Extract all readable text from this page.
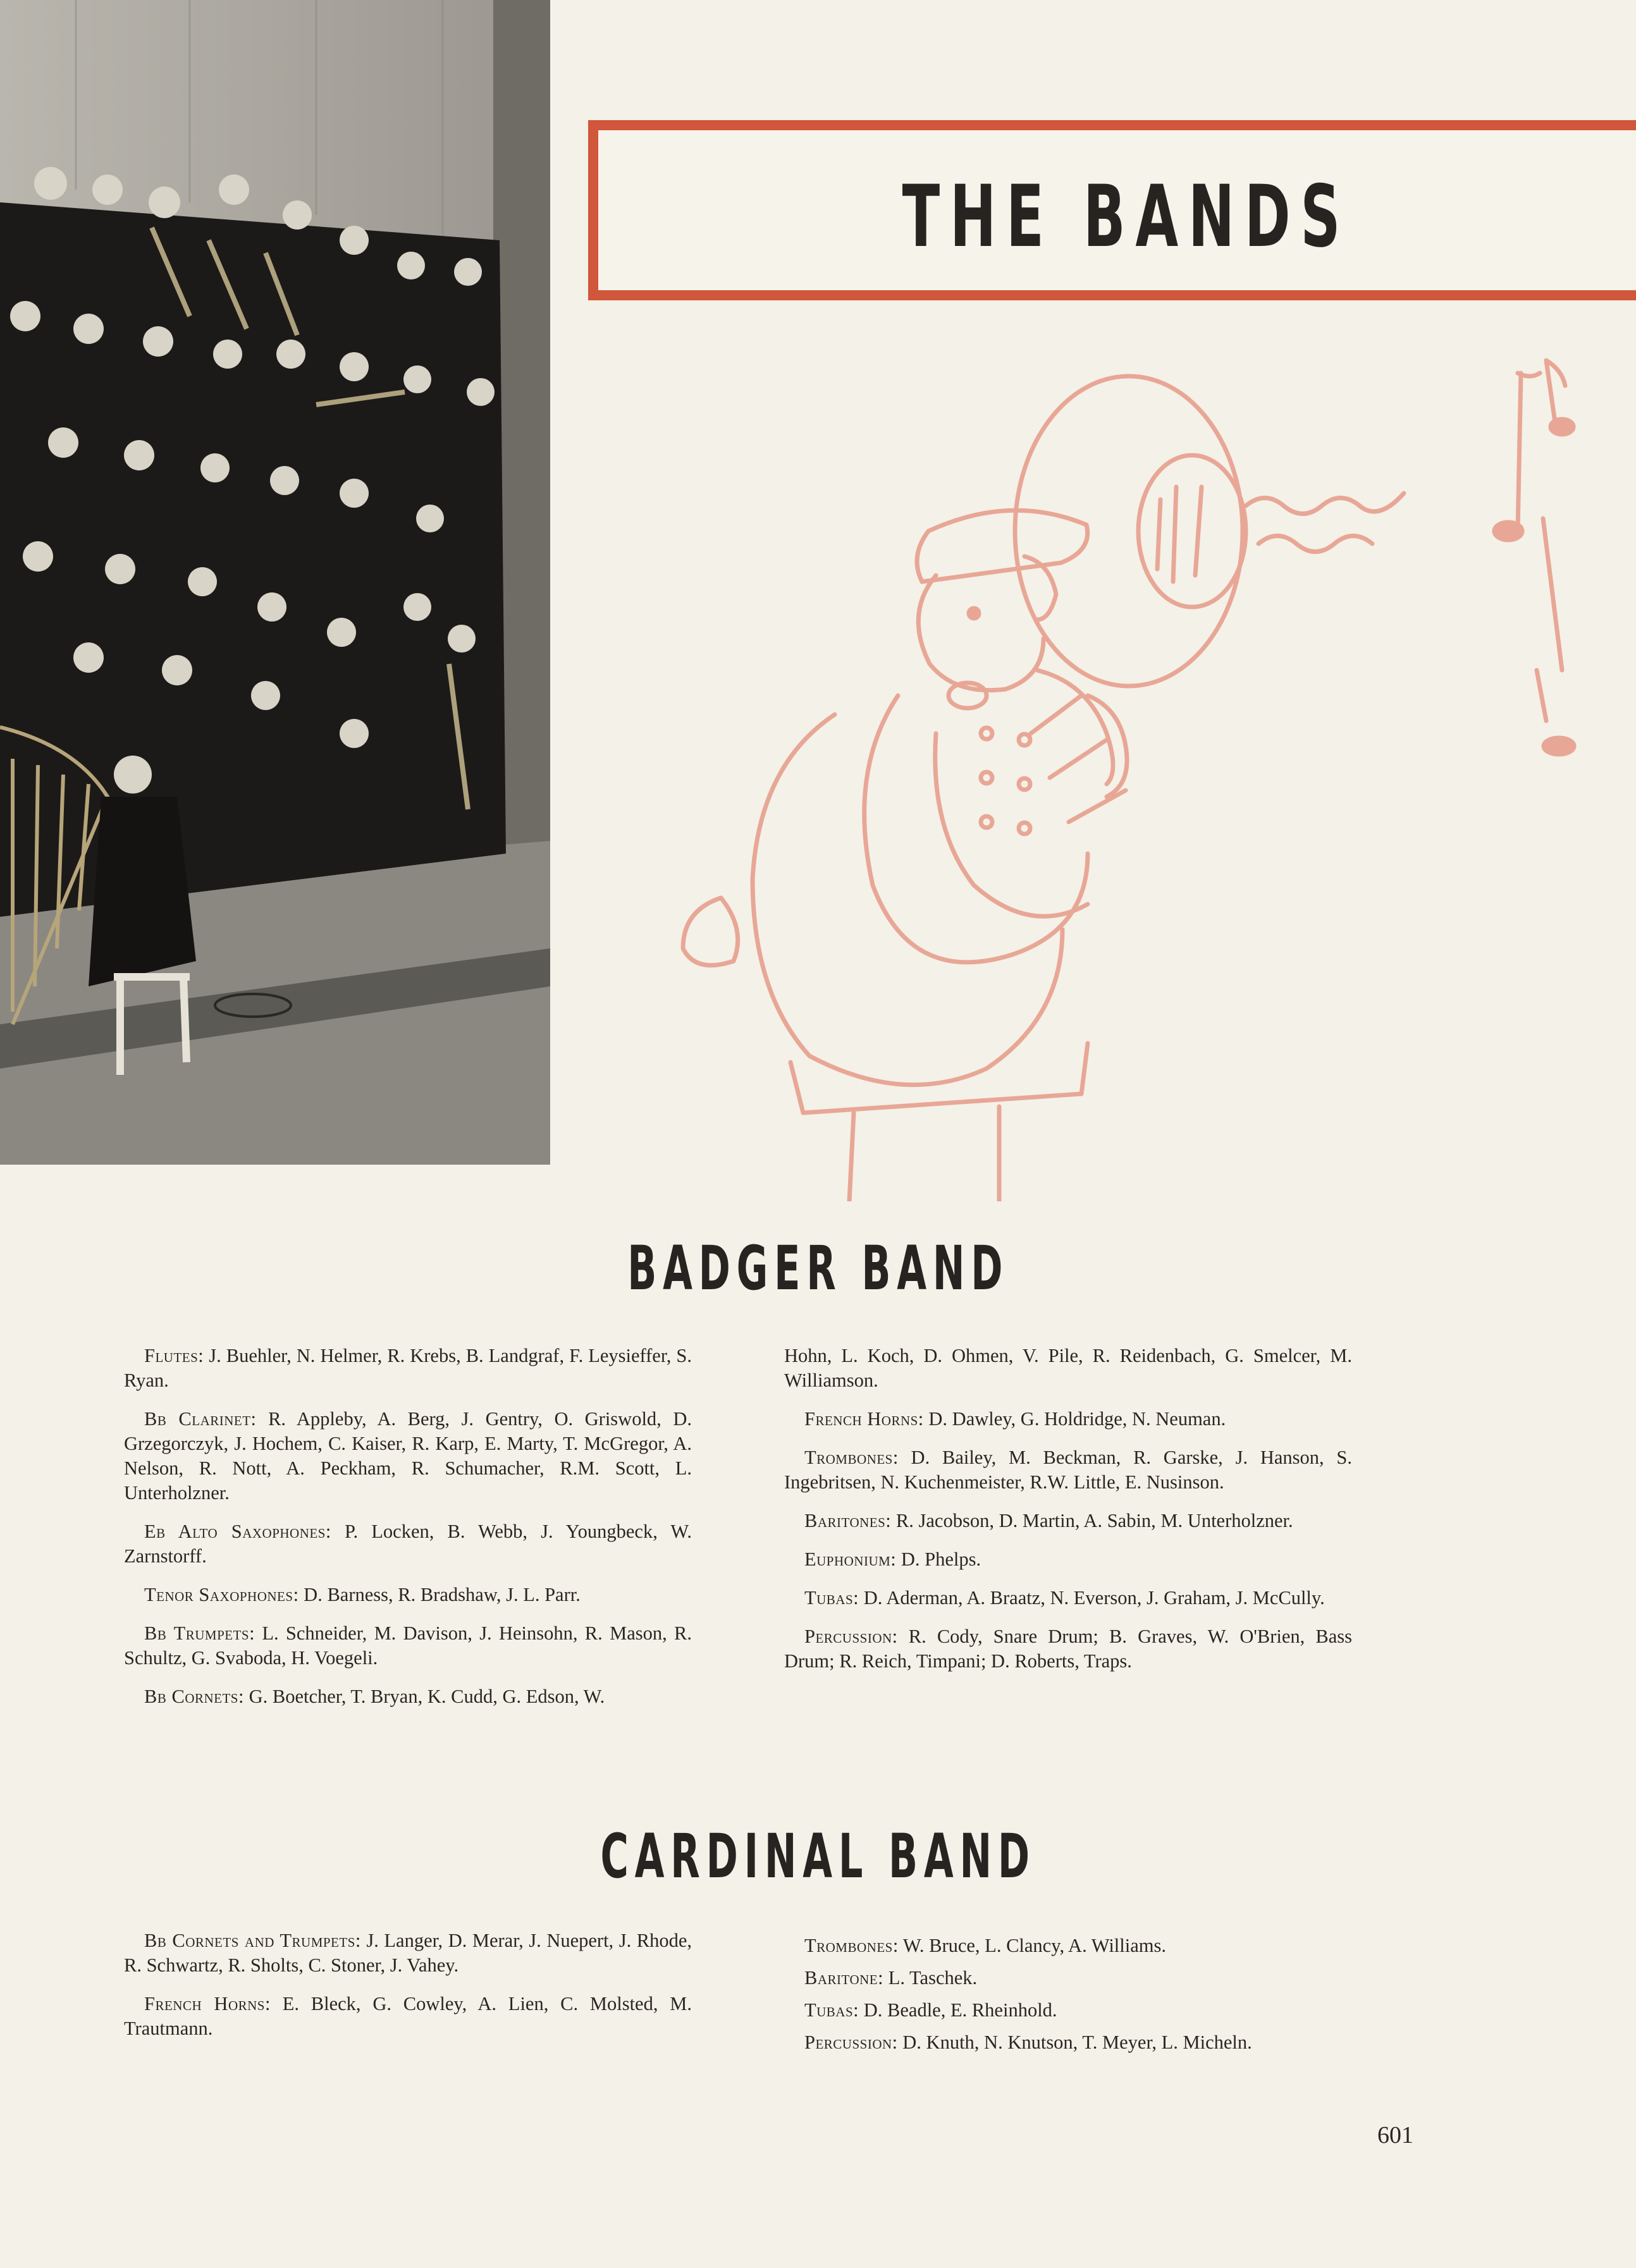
THE BANDS
BADGER BAND

Flutes: J. Buehler, N. Helmer, R. Krebs, B. Landgraf, F. Leysieffer, S. Ryan.

Bb Clarinet: R. Appleby, A. Berg, J. Gentry, O. Griswold, D. Grzegorczyk, J. Hochem, C. Kaiser, R. Karp, E. Marty, T. McGregor, A. Nelson, R. Nott, A. Peckham, R. Schumacher, R.M. Scott, L. Unterholzner.

Eb Alto Saxophones: P. Locken, B. Webb, J. Youngbeck, W. Zarnstorff.

Tenor Saxophones: D. Barness, R. Bradshaw, J. L. Parr.

Bb Trumpets: L. Schneider, M. Davison, J. Heinsohn, R. Mason, R. Schultz, G. Svaboda, H. Voegeli.

Bb Cornets: G. Boetcher, T. Bryan, K. Cudd, G. Edson, W.

Hohn, L. Koch, D. Ohmen, V. Pile, R. Reidenbach, G. Smelcer, M. Williamson.

French Horns: D. Dawley, G. Holdridge, N. Neuman.

Trombones: D. Bailey, M. Beckman, R. Garske, J. Hanson, S. Ingebritsen, N. Kuchenmeister, R.W. Little, E. Nusinson.

Baritones: R. Jacobson, D. Martin, A. Sabin, M. Unterholzner.

Euphonium: D. Phelps.

Tubas: D. Aderman, A. Braatz, N. Everson, J. Graham, J. McCully.

Percussion: R. Cody, Snare Drum; B. Graves, W. O'Brien, Bass Drum; R. Reich, Timpani; D. Roberts, Traps.

CARDINAL BAND

Bb Cornets and Trumpets: J. Langer, D. Merar, J. Nuepert, J. Rhode, R. Schwartz, R. Sholts, C. Stoner, J. Vahey.

French Horns: E. Bleck, G. Cowley, A. Lien, C. Molsted, M. Trautmann.

Trombones: W. Bruce, L. Clancy, A. Williams.

Baritone: L. Taschek.

Tubas: D. Beadle, E. Rheinhold.

Percussion: D. Knuth, N. Knutson, T. Meyer, L. Micheln.

601
